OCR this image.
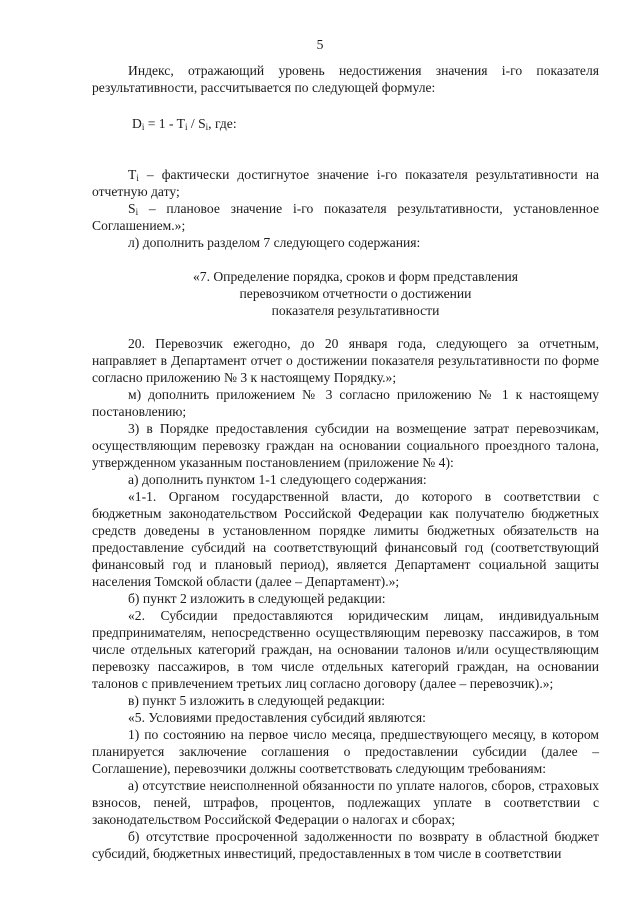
5

Индекс, отражающий уровень недостижения значения i-го показателя результативности, рассчитывается по следующей формуле:

$D_i = 1 - T_i / S_i$, где:

$T_i$ – фактически достигнутое значение i-го показателя результативности на отчетную дату;

$S_i$ – плановое значение i-го показателя результативности, установленное Соглашением.»;

л) дополнить разделом 7 следующего содержания:

«7. Определение порядка, сроков и форм представления
перевозчиком отчетности о достижении
показателя результативности

20. Перевозчик ежегодно, до 20 января года, следующего за отчетным, направляет в Департамент отчет о достижении показателя результативности по форме согласно приложению № 3 к настоящему Порядку.»;

м) дополнить приложением № 3 согласно приложению № 1 к настоящему постановлению;

3) в Порядке предоставления субсидии на возмещение затрат перевозчикам, осуществляющим перевозку граждан на основании социального проездного талона, утвержденном указанным постановлением (приложение № 4):

а) дополнить пунктом 1-1 следующего содержания:

«1-1. Органом государственной власти, до которого в соответствии с бюджетным законодательством Российской Федерации как получателю бюджетных средств доведены в установленном порядке лимиты бюджетных обязательств на предоставление субсидий на соответствующий финансовый год (соответствующий финансовый год и плановый период), является Департамент социальной защиты населения Томской области (далее – Департамент).»;

б) пункт 2 изложить в следующей редакции:

«2. Субсидии предоставляются юридическим лицам, индивидуальным предпринимателям, непосредственно осуществляющим перевозку пассажиров, в том числе отдельных категорий граждан, на основании талонов и/или осуществляющим перевозку пассажиров, в том числе отдельных категорий граждан, на основании талонов с привлечением третьих лиц согласно договору (далее – перевозчик).»;

в) пункт 5 изложить в следующей редакции:

«5. Условиями предоставления субсидий являются:

1) по состоянию на первое число месяца, предшествующего месяцу, в котором планируется заключение соглашения о предоставлении субсидии (далее – Соглашение), перевозчики должны соответствовать следующим требованиям:

а) отсутствие неисполненной обязанности по уплате налогов, сборов, страховых взносов, пеней, штрафов, процентов, подлежащих уплате в соответствии с законодательством Российской Федерации о налогах и сборах;

б) отсутствие просроченной задолженности по возврату в областной бюджет субсидий, бюджетных инвестиций, предоставленных в том числе в соответствии
